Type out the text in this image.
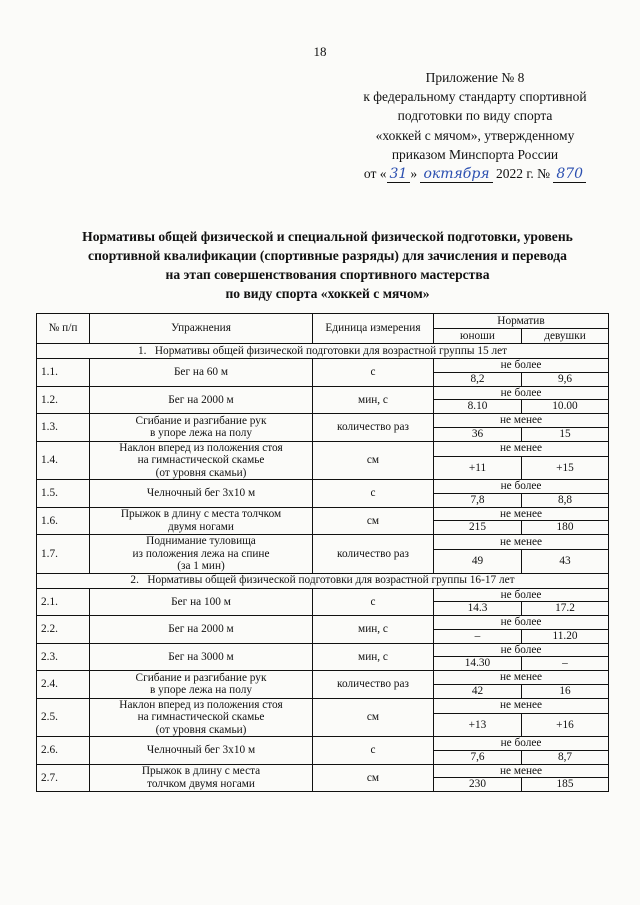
18
Приложение № 8
к федеральному стандарту спортивной
подготовки по виду спорта
«хоккей с мячом», утвержденному
приказом Минспорта России
от « 31 » октября 2022 г. № 870
Нормативы общей физической и специальной физической подготовки, уровень
спортивной квалификации (спортивные разряды) для зачисления и перевода
на этап совершенствования спортивного мастерства
по виду спорта «хоккей с мячом»
№ п/п	Упражнения	Единица измерения	Норматив	
			юноши	девушки
1.   Нормативы общей физической подготовки для возрастной группы 15 лет				
1.1.	Бег на 60 м	с	не более	
			8,2	9,6
1.2.	Бег на 2000 м	мин, с	не более	
			8.10	10.00
1.3.	Сгибание и разгибание рук
в упоре лежа на полу	количество раз	не менее	
			36	15
1.4.	Наклон вперед из положения стоя
на гимнастической скамье
(от уровня скамьи)	см	не менее	
			+11	+15
1.5.	Челночный бег 3x10 м	с	не более	
			7,8	8,8
1.6.	Прыжок в длину с места толчком
двумя ногами	см	не менее	
			215	180
1.7.	Поднимание туловища
из положения лежа на спине
(за 1 мин)	количество раз	не менее	
			49	43
2.   Нормативы общей физической подготовки для возрастной группы 16-17 лет				
2.1.	Бег на 100 м	с	не более	
			14.3	17.2
2.2.	Бег на 2000 м	мин, с	не более	
			–	11.20
2.3.	Бег на 3000 м	мин, с	не более	
			14.30	–
2.4.	Сгибание и разгибание рук
в упоре лежа на полу	количество раз	не менее	
			42	16
2.5.	Наклон вперед из положения стоя
на гимнастической скамье
(от уровня скамьи)	см	не менее	
			+13	+16
2.6.	Челночный бег 3x10 м	с	не более	
			7,6	8,7
2.7.	Прыжок в длину с места
толчком двумя ногами	см	не менее	
			230	185
